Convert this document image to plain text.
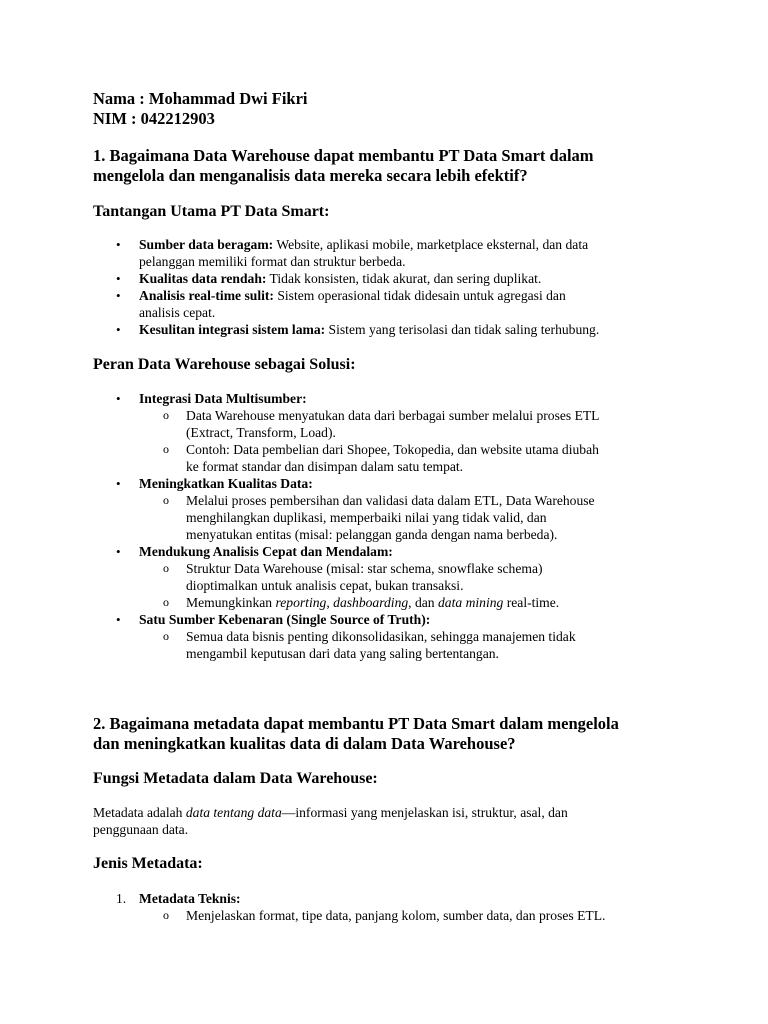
Nama : Mohammad Dwi Fikri
NIM : 042212903
1. Bagaimana Data Warehouse dapat membantu PT Data Smart dalam
mengelola dan menganalisis data mereka secara lebih efektif?
Tantangan Utama PT Data Smart:
• Sumber data beragam: Website, aplikasi mobile, marketplace eksternal, dan data
pelanggan memiliki format dan struktur berbeda.
• Kualitas data rendah: Tidak konsisten, tidak akurat, dan sering duplikat.
• Analisis real-time sulit: Sistem operasional tidak didesain untuk agregasi dan
analisis cepat.
• Kesulitan integrasi sistem lama: Sistem yang terisolasi dan tidak saling terhubung.
Peran Data Warehouse sebagai Solusi:
• Integrasi Data Multisumber:
o Data Warehouse menyatukan data dari berbagai sumber melalui proses ETL
(Extract, Transform, Load).
o Contoh: Data pembelian dari Shopee, Tokopedia, dan website utama diubah
ke format standar dan disimpan dalam satu tempat.
• Meningkatkan Kualitas Data:
o Melalui proses pembersihan dan validasi data dalam ETL, Data Warehouse
menghilangkan duplikasi, memperbaiki nilai yang tidak valid, dan
menyatukan entitas (misal: pelanggan ganda dengan nama berbeda).
• Mendukung Analisis Cepat dan Mendalam:
o Struktur Data Warehouse (misal: star schema, snowflake schema)
dioptimalkan untuk analisis cepat, bukan transaksi.
o Memungkinkan reporting, dashboarding, dan data mining real-time.
• Satu Sumber Kebenaran (Single Source of Truth):
o Semua data bisnis penting dikonsolidasikan, sehingga manajemen tidak
mengambil keputusan dari data yang saling bertentangan.
2. Bagaimana metadata dapat membantu PT Data Smart dalam mengelola
dan meningkatkan kualitas data di dalam Data Warehouse?
Fungsi Metadata dalam Data Warehouse:
Metadata adalah data tentang data—informasi yang menjelaskan isi, struktur, asal, dan
penggunaan data.
Jenis Metadata:
1. Metadata Teknis:
o Menjelaskan format, tipe data, panjang kolom, sumber data, dan proses ETL.
